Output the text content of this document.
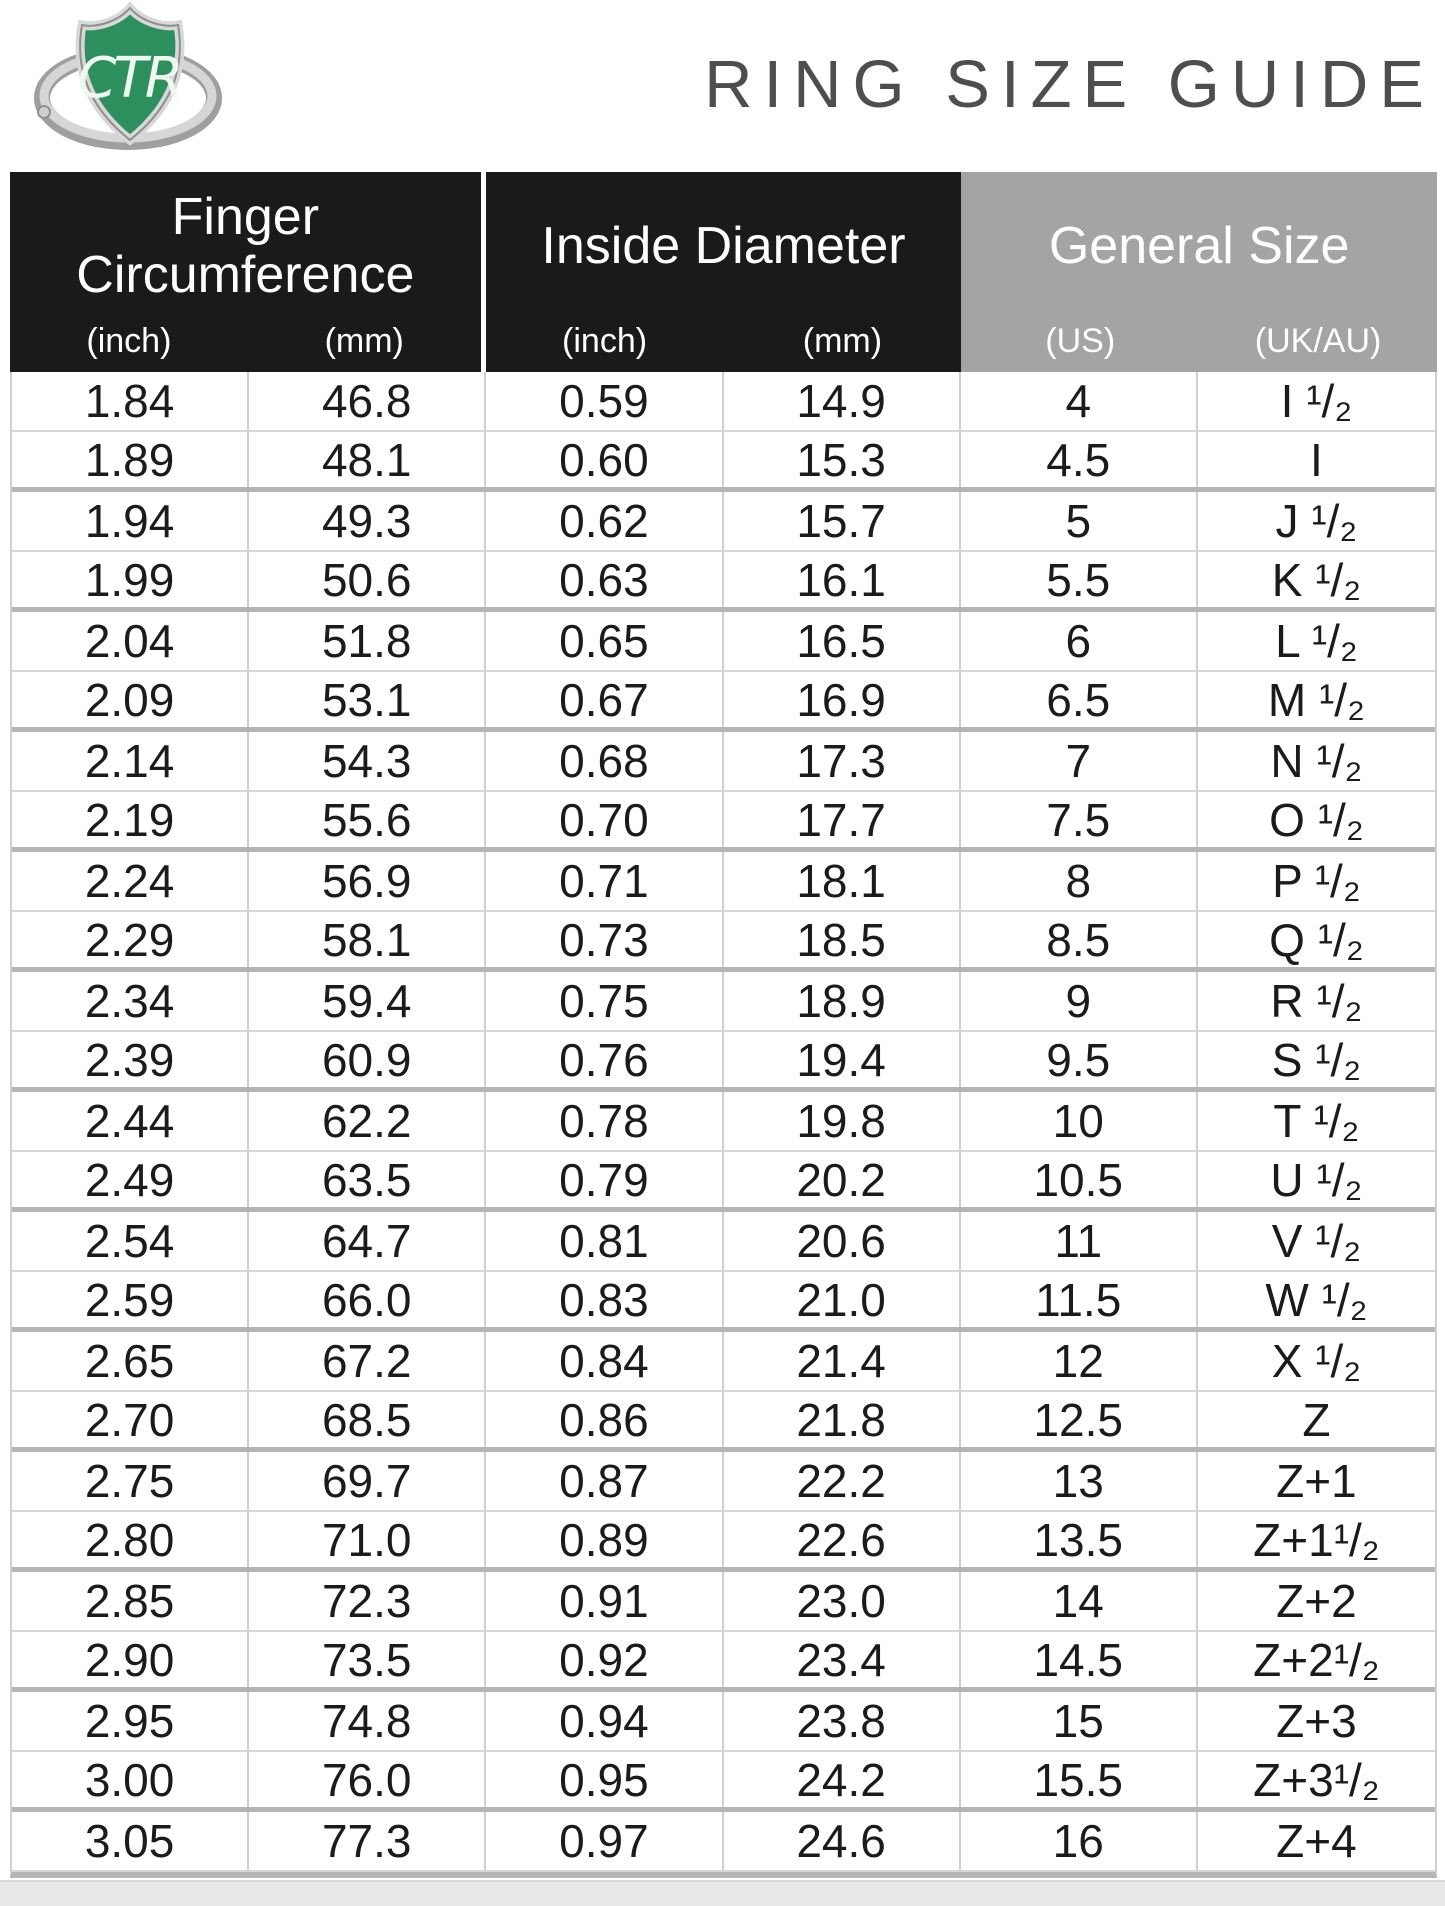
CTR	RING SIZE GUIDE
Finger Circumference
Inside Diameter	General Size
(inch)	(mm)	(inch)	(mm)	(US)	(UK/AU)
1.84	46.8	0.59	14.9	4	I ¹/₂
1.89	48.1	0.60	15.3	4.5	I
1.94	49.3	0.62	15.7	5	J ¹/₂
1.99	50.6	0.63	16.1	5.5	K ¹/₂
2.04	51.8	0.65	16.5	6	L ¹/₂
2.09	53.1	0.67	16.9	6.5	M ¹/₂
2.14	54.3	0.68	17.3	7	N ¹/₂
2.19	55.6	0.70	17.7	7.5	O ¹/₂
2.24	56.9	0.71	18.1	8	P ¹/₂
2.29	58.1	0.73	18.5	8.5	Q ¹/₂
2.34	59.4	0.75	18.9	9	R ¹/₂
2.39	60.9	0.76	19.4	9.5	S ¹/₂
2.44	62.2	0.78	19.8	10	T ¹/₂
2.49	63.5	0.79	20.2	10.5	U ¹/₂
2.54	64.7	0.81	20.6	11	V ¹/₂
2.59	66.0	0.83	21.0	11.5	W ¹/₂
2.65	67.2	0.84	21.4	12	X ¹/₂
2.70	68.5	0.86	21.8	12.5	Z
2.75	69.7	0.87	22.2	13	Z+1
2.80	71.0	0.89	22.6	13.5	Z+1¹/₂
2.85	72.3	0.91	23.0	14	Z+2
2.90	73.5	0.92	23.4	14.5	Z+2¹/₂
2.95	74.8	0.94	23.8	15	Z+3
3.00	76.0	0.95	24.2	15.5	Z+3¹/₂
3.05	77.3	0.97	24.6	16	Z+4
